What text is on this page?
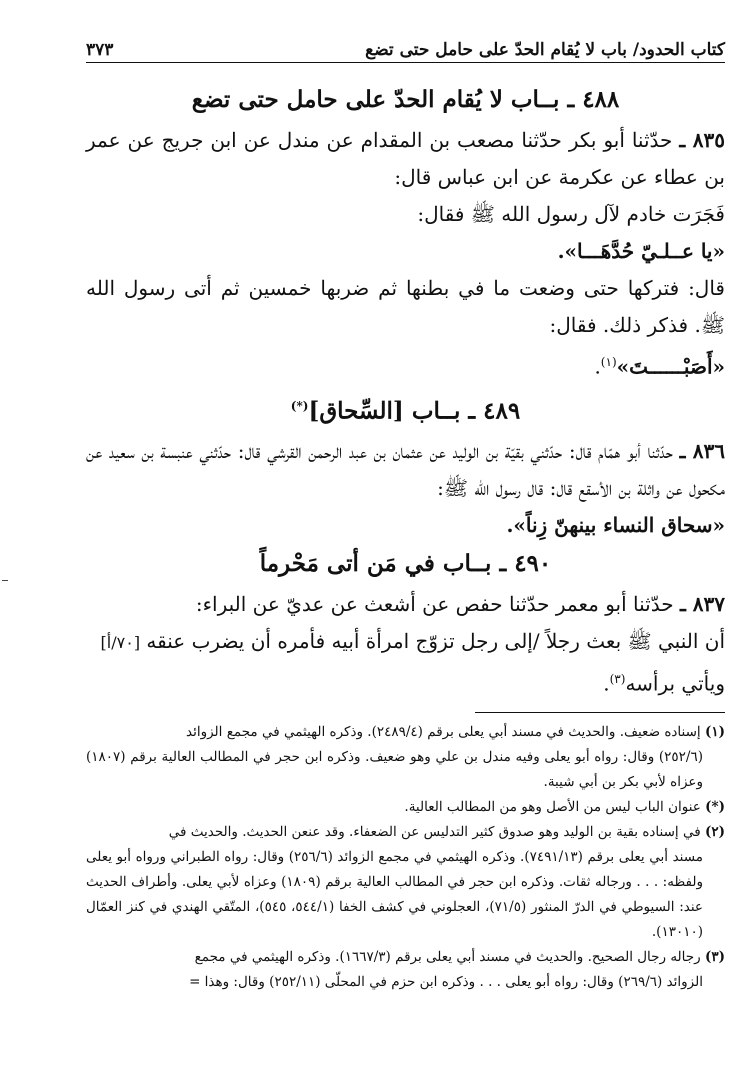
كتاب الحدود/ باب لا يُقام الحدّ على حامل حتى تضع
٣٧٣
٤٨٨ ـ بــاب لا يُقام الحدّ على حامل حتى تضع

٨٣٥ ـ حدّثنا أبو بكر حدّثنا مصعب بن المقدام عن مندل عن ابن جريج عن عمر بن عطاء عن عكرمة عن ابن عباس قال:

فَجَرَت خادم لآل رسول الله ﷺ فقال:

«يا عــلـيّ حُدَّهَـــا».

قال: فتركها حتى وضعت ما في بطنها ثم ضربها خمسين ثم أتى رسول الله ﷺ. فذكر ذلك. فقال:

«أَصَبْــــــتَ»$^{(١)}$.

٤٨٩ ـ بــاب [السِّحاق](*)

٨٣٦ ـ حدّثنا أبو همّام قال: حدّثني بقيّة بن الوليد عن عثمان بن عبد الرحمن القرشي قال: حدّثني عنبسة بن سعيد عن مكحول عن واثلة بن الأسقع قال: قال رسول الله ﷺ:

«سحاق النساء بينهنّ زِناً».

٤٩٠ ـ بــاب في مَن أتى مَحْرماً

٨٣٧ ـ حدّثنا أبو معمر حدّثنا حفص عن أشعث عن عديّ عن البراء:

أن النبي ﷺ بعث رجلاً /إلى رجل تزوّج امرأة أبيه فأمره أن يضرب عنقه [٧٠/أ]

ويأتي برأسه$^{(٣)}$.

(١) إسناده ضعيف. والحديث في مسند أبي يعلى برقم (٢٤٨٩/٤). وذكره الهيثمي في مجمع الزوائد
(٢٥٢/٦) وقال: رواه أبو يعلى وفيه مندل بن علي وهو ضعيف. وذكره ابن حجر في المطالب العالية برقم (١٨٠٧) وعزاه لأبي بكر بن أبي شيبة.

(*) عنوان الباب ليس من الأصل وهو من المطالب العالية.

(٢) في إسناده بقية بن الوليد وهو صدوق كثير التدليس عن الضعفاء. وقد عنعن الحديث. والحديث في
مسند أبي يعلى برقم (٧٤٩١/١٣). وذكره الهيثمي في مجمع الزوائد (٢٥٦/٦) وقال: رواه الطبراني ورواه أبو يعلى ولفظه: . . . ورجاله ثقات. وذكره ابن حجر في المطالب العالية برقم (١٨٠٩) وعزاه لأبي يعلى. وأطراف الحديث عند: السيوطي في الدرّ المنثور (٧١/٥)، العجلوني في كشف الخفا (٥٤٤/١، ٥٤٥)، المتّقي الهندي في كنز العمّال (١٣٠١٠).

(٣) رجاله رجال الصحيح. والحديث في مسند أبي يعلى برقم (١٦٦٧/٣). وذكره الهيثمي في مجمع
الزوائد (٢٦٩/٦) وقال: رواه أبو يعلى . . . وذكره ابن حزم في المحلّى (٢٥٢/١١) وقال: وهذا =
